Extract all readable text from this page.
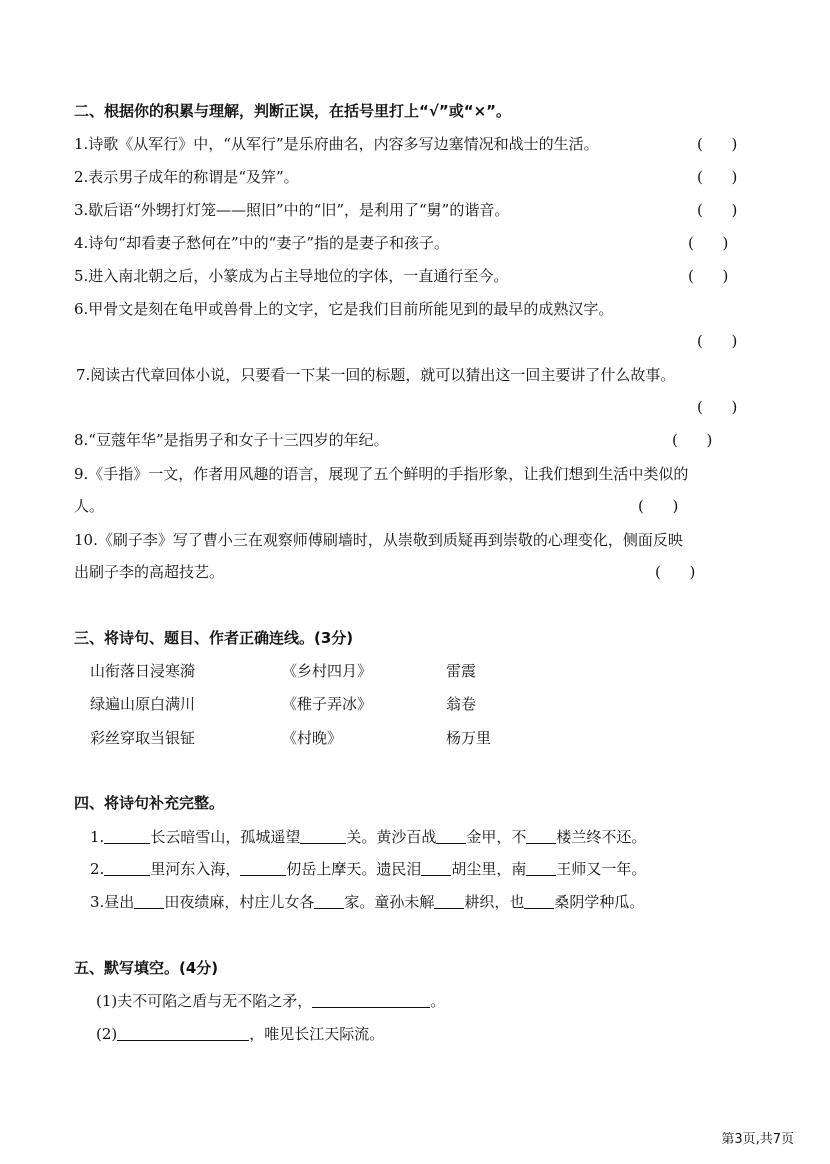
二、根据你的积累与理解，判断正误，在括号里打上“√”或“×”。
1.诗歌《从军行》中，“从军行”是乐府曲名，内容多写边塞情况和战士的生活。	(      )
2.表示男子成年的称谓是“及笄”。	(      )
3.歇后语“外甥打灯笼——照旧”中的“旧”，是利用了“舅”的谐音。	(      )
4.诗句“却看妻子愁何在”中的“妻子”指的是妻子和孩子。	(      )
5.进入南北朝之后，小篆成为占主导地位的字体，一直通行至今。	(      )
6.甲骨文是刻在龟甲或兽骨上的文字，它是我们目前所能见到的最早的成熟汉字。
(      )
7.阅读古代章回体小说，只要看一下某一回的标题，就可以猜出这一回主要讲了什么故事。
(      )
8.“豆蔻年华”是指男子和女子十三四岁的年纪。	(      )
9.《手指》一文，作者用风趣的语言，展现了五个鲜明的手指形象，让我们想到生活中类似的
人。	(      )
10.《刷子李》写了曹小三在观察师傅刷墙时，从崇敬到质疑再到崇敬的心理变化，侧面反映
出刷子李的高超技艺。	(      )
三、将诗句、题目、作者正确连线。(3分)
山衔落日浸寒漪	《乡村四月》	雷震
绿遍山原白满川	《稚子弄冰》	翁卷
彩丝穿取当银钲	《村晚》	杨万里
四、将诗句补充完整。
1.	长云暗雪山，孤城遥望	关。黄沙百战 金甲，不 楼兰终不还。
2.	里河东入海，	仞岳上摩天。遗民泪 胡尘里，南 王师又一年。
3.昼出 田夜绩麻，村庄儿女各 家。童孙未解 耕织，也 桑阴学种瓜。
五、默写填空。(4分)
(1)夫不可陷之盾与无不陷之矛，	。
(2)	，唯见长江天际流。
第3页,共7页
